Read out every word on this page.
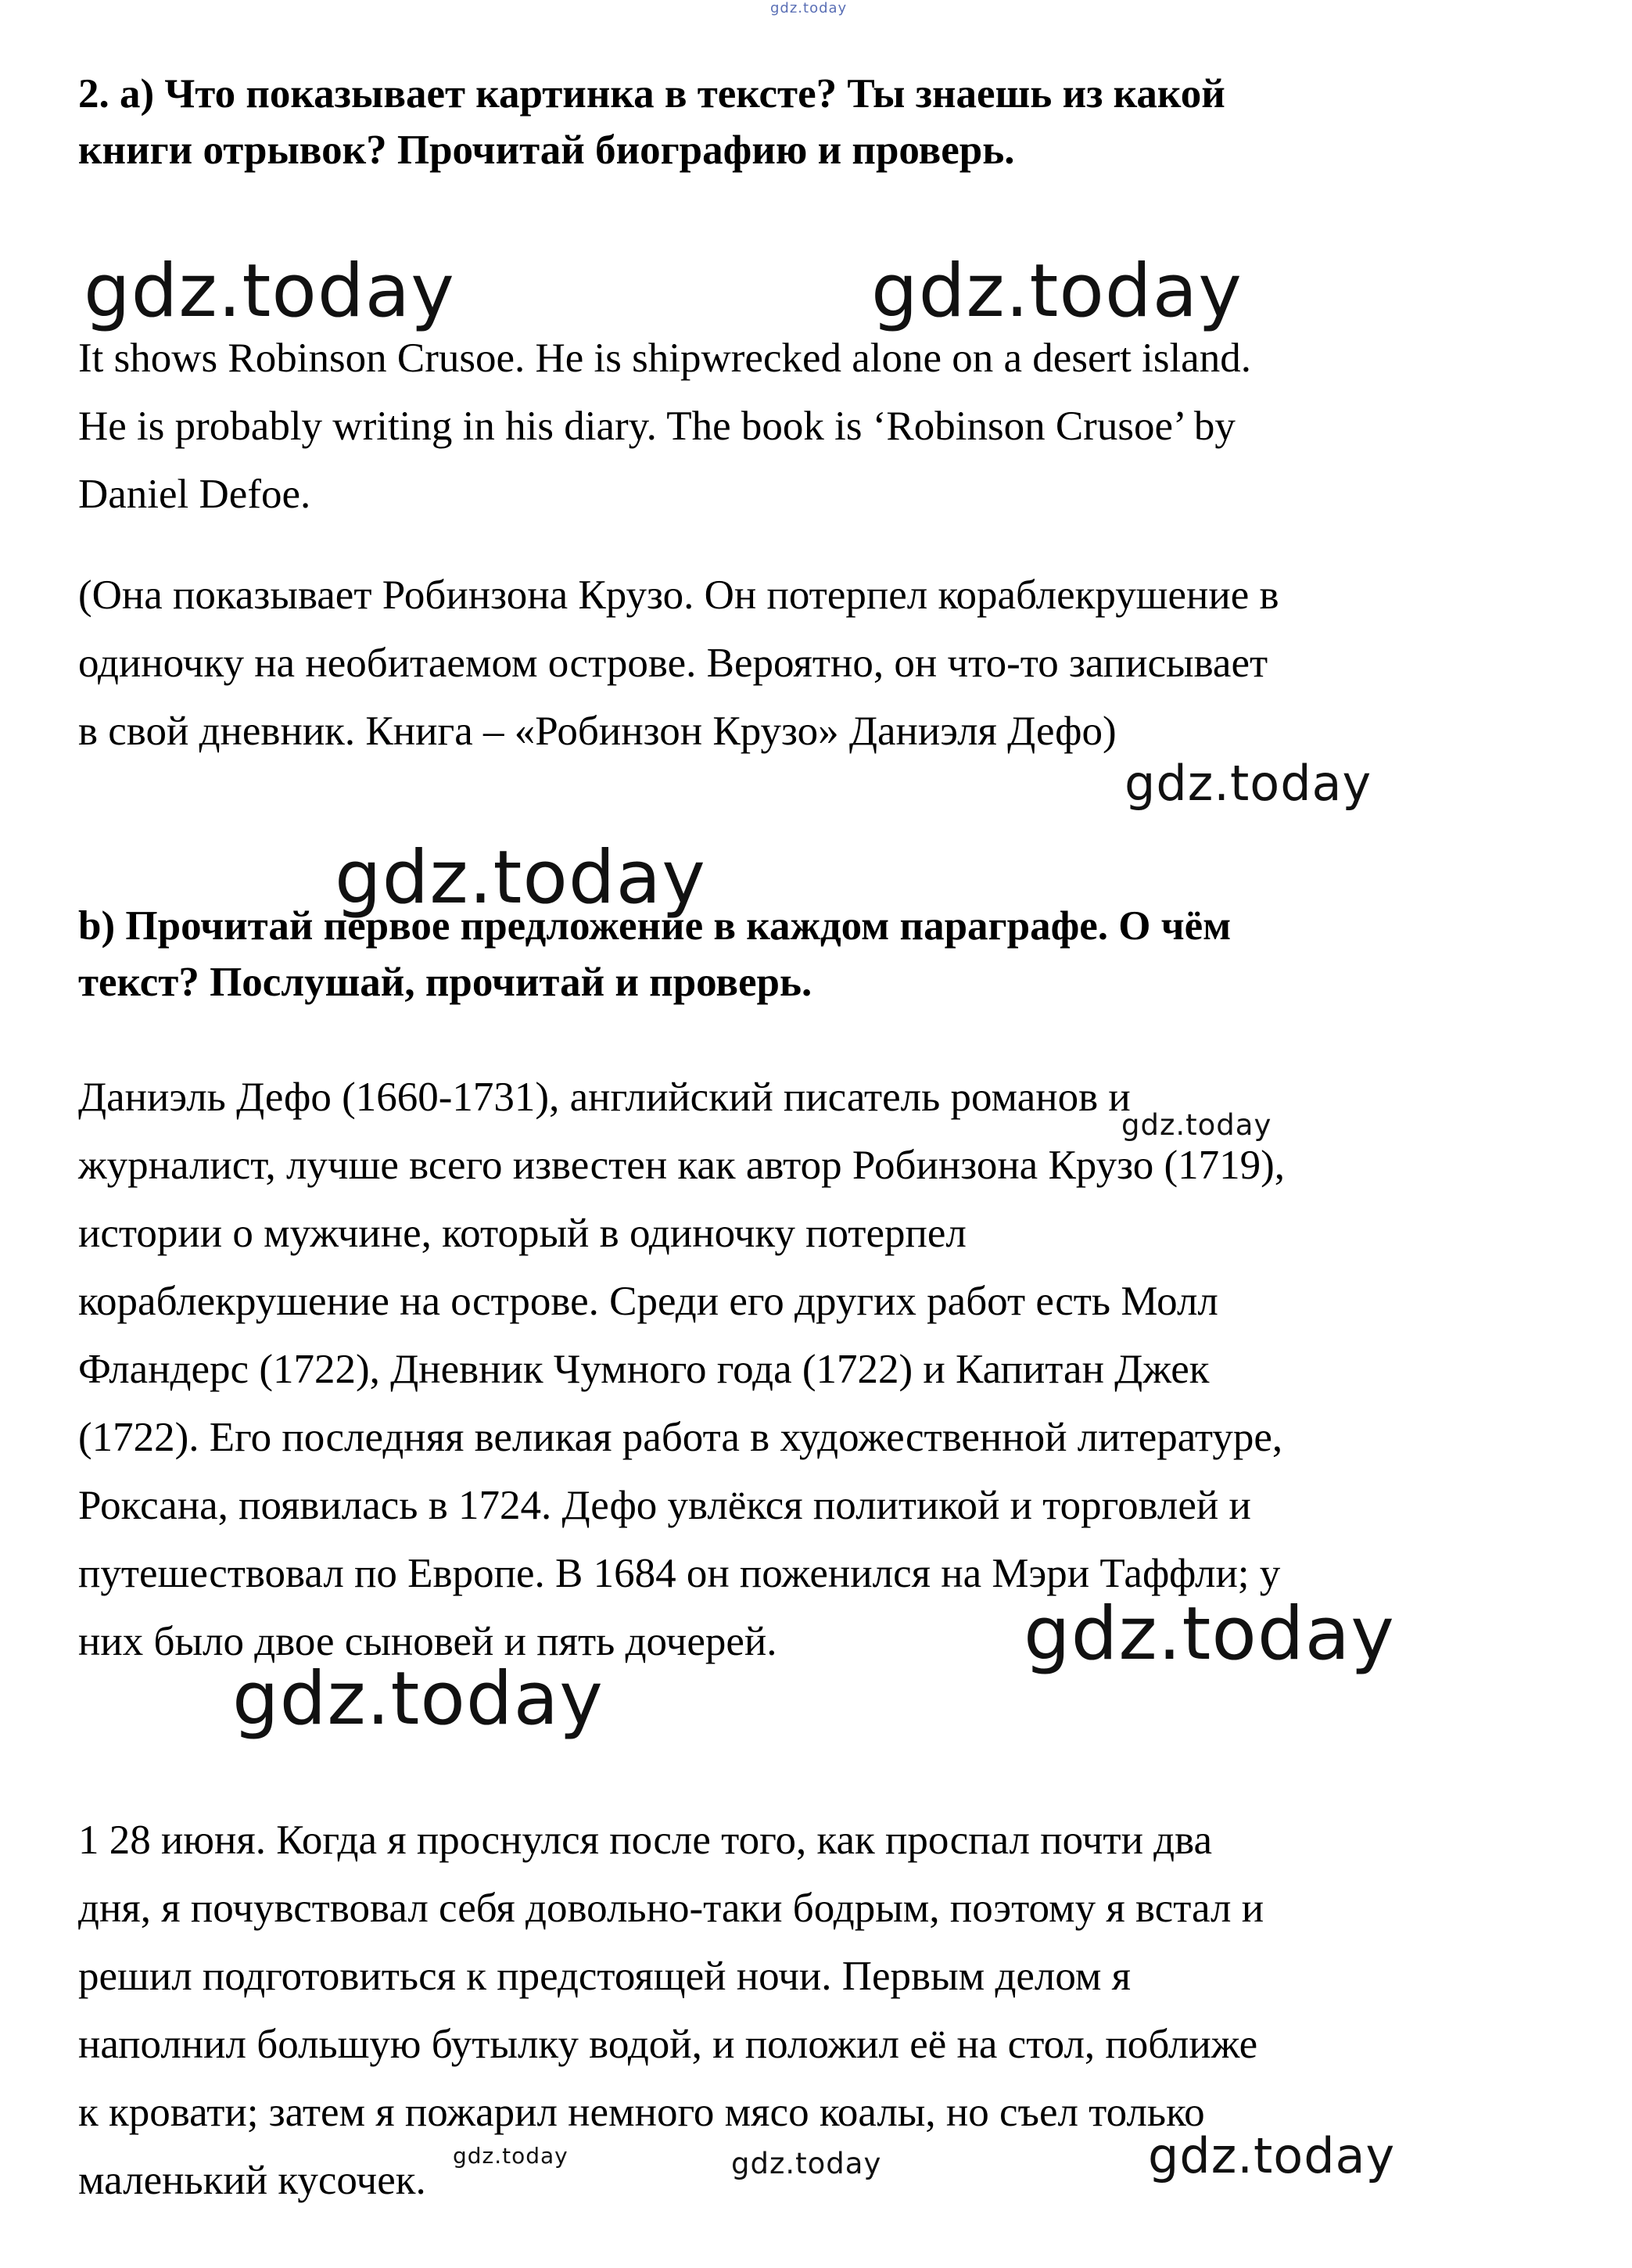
gdz.today

2. a) Что показывает картинка в тексте? Ты знаешь из какой
книги отрывок? Прочитай биографию и проверь.

gdz.today	gdz.today

It shows Robinson Crusoe. He is shipwrecked alone on a desert island.
He is probably writing in his diary. The book is ‘Robinson Crusoe’ by
Daniel Defoe.

(Она показывает Робинзона Крузо. Он потерпел кораблекрушение в
одиночку на необитаемом острове. Вероятно, он что-то записывает
в свой дневник. Книга – «Робинзон Крузо» Даниэля Дефо)

gdz.today
gdz.today

b) Прочитай первое предложение в каждом параграфе. О чём
текст? Послушай, прочитай и проверь.

Даниэль Дефо (1660-1731), английский писатель романов и
журналист, лучше всего известен как автор Робинзона Крузо (1719),
истории о мужчине, который в одиночку потерпел
кораблекрушение на острове. Среди его других работ есть Молл
Фландерс (1722), Дневник Чумного года (1722) и Капитан Джек
(1722). Его последняя великая работа в художественной литературе,
Роксана, появилась в 1724. Дефо увлёкся политикой и торговлей и
путешествовал по Европе. В 1684 он поженился на Мэри Таффли; у
них было двое сыновей и пять дочерей.

gdz.today
gdz.today
gdz.today

1 28 июня. Когда я проснулся после того, как проспал почти два
дня, я почувствовал себя довольно-таки бодрым, поэтому я встал и
решил подготовиться к предстоящей ночи. Первым делом я
наполнил большую бутылку водой, и положил её на стол, поближе
к кровати; затем я пожарил немного мясо коалы, но съел только
маленький кусочек.

gdz.today	gdz.today	gdz.today
